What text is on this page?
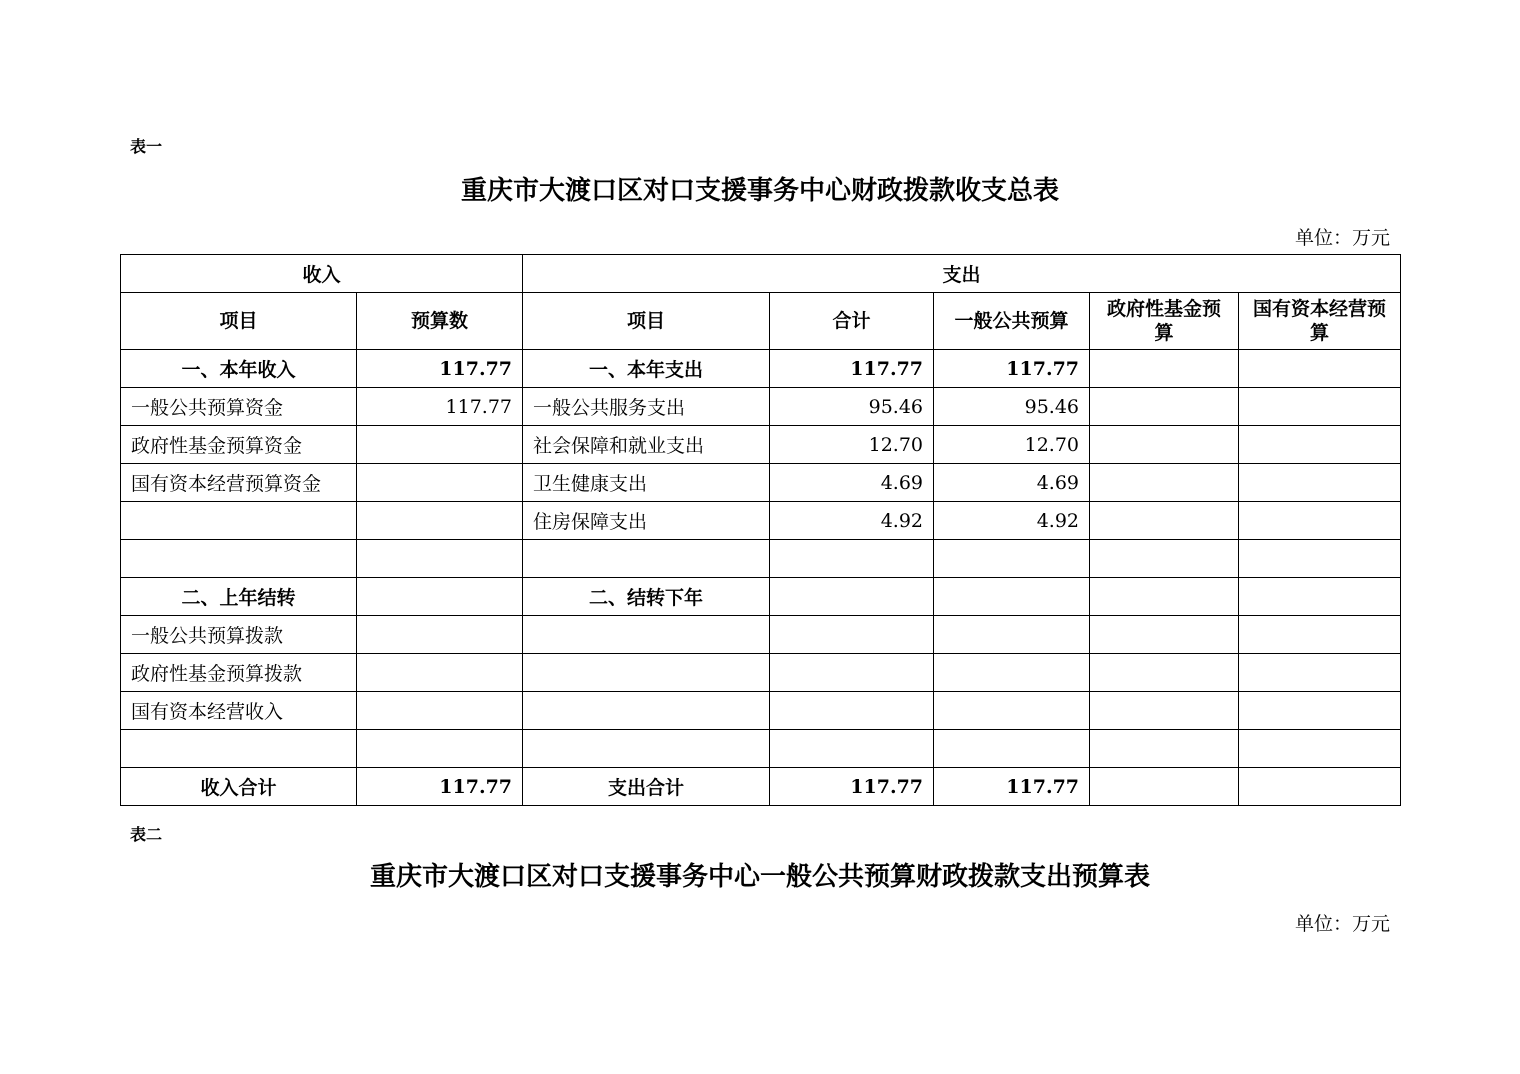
表一
重庆市大渡口区对口支援事务中心财政拨款收支总表
单位：万元
收入		支出				
项目	预算数	项目	合计	一般公共预算	政府性基金预算	国有资本经营预算
一、本年收入	117.77	一、本年支出	117.77	117.77		
一般公共预算资金	117.77	一般公共服务支出	95.46	95.46		
政府性基金预算资金		社会保障和就业支出	12.70	12.70		
国有资本经营预算资金		卫生健康支出	4.69	4.69		
		住房保障支出	4.92	4.92		

二、上年结转		二、结转下年				
一般公共预算拨款						
政府性基金预算拨款						
国有资本经营收入						

收入合计	117.77	支出合计	117.77	117.77		
表二
重庆市大渡口区对口支援事务中心一般公共预算财政拨款支出预算表
单位：万元
